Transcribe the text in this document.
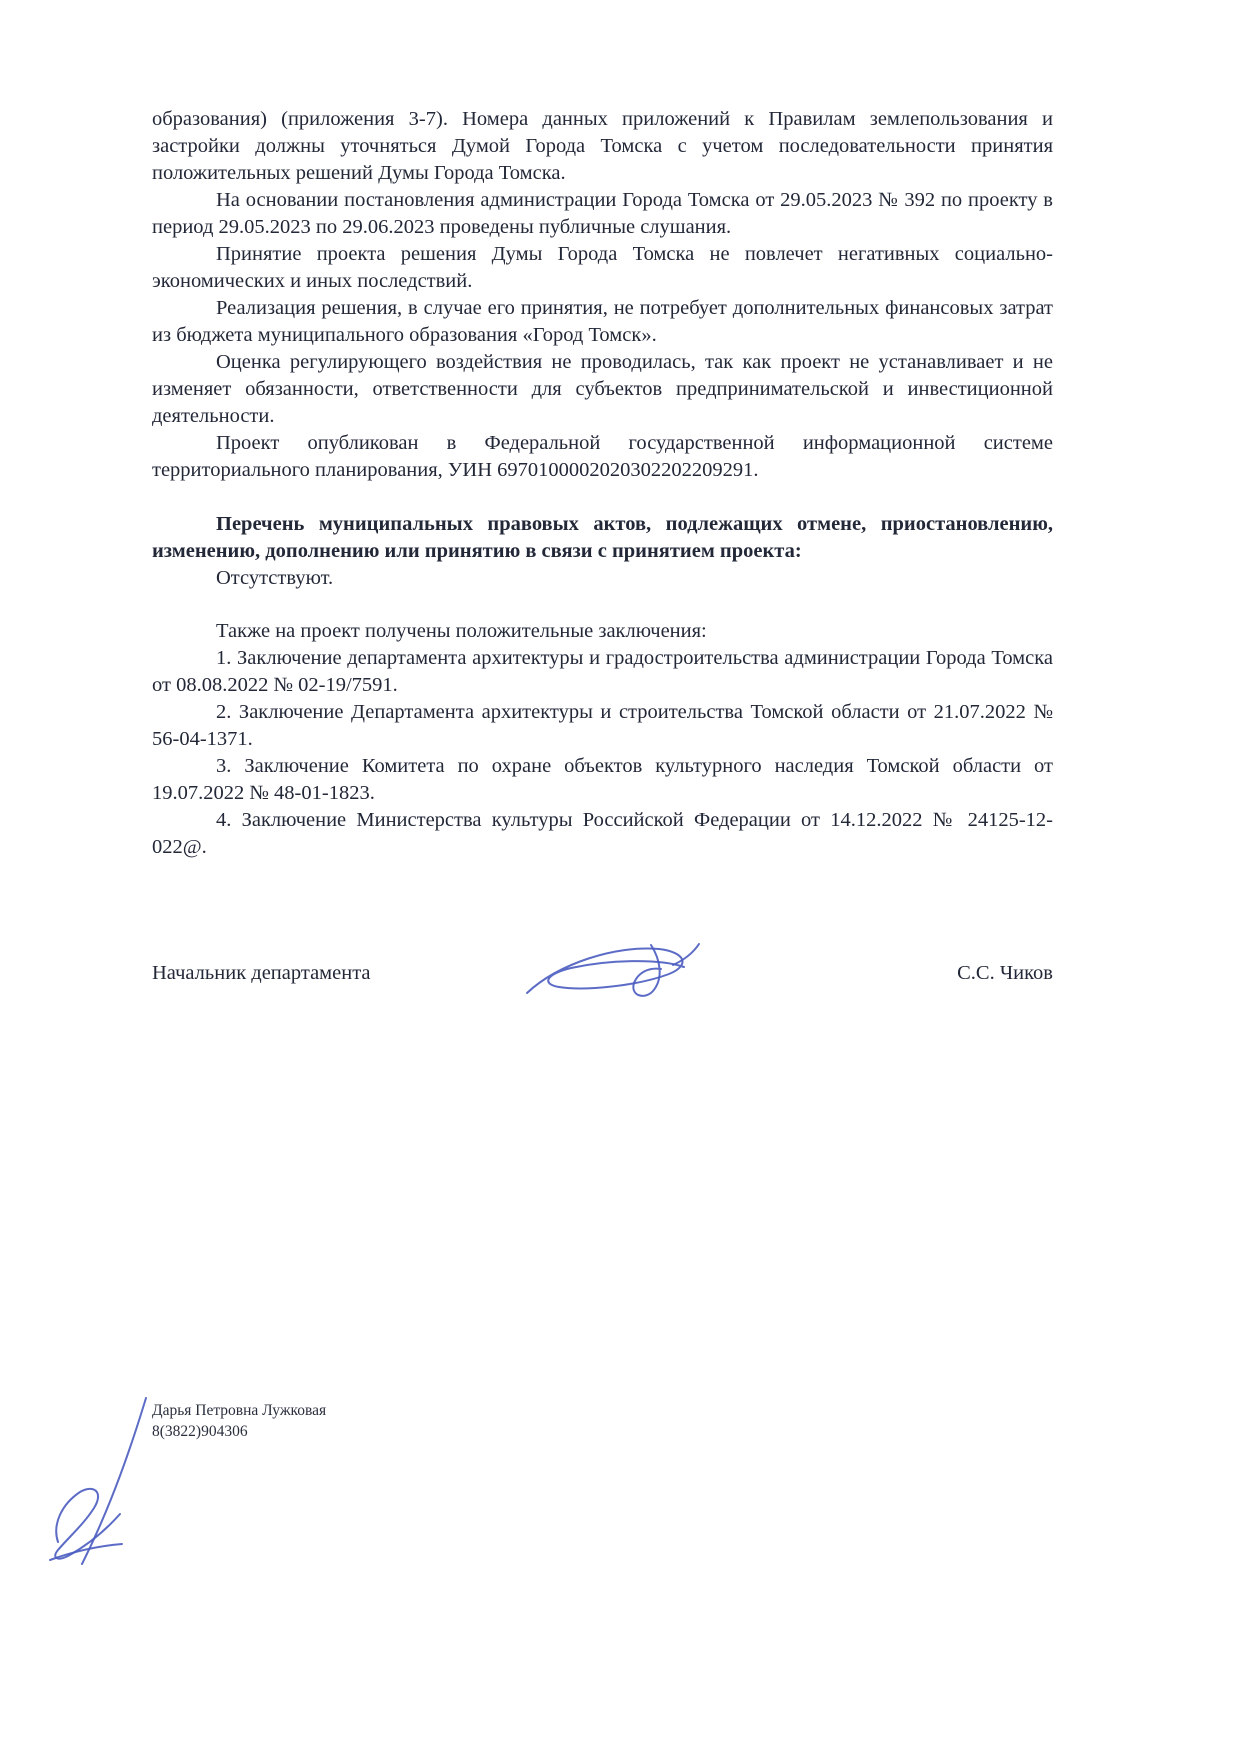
образования) (приложения 3-7). Номера данных приложений к Правилам землепользования и застройки должны уточняться Думой Города Томска с учетом последовательности принятия положительных решений Думы Города Томска.

На основании постановления администрации Города Томска от 29.05.2023 № 392 по проекту в период 29.05.2023 по 29.06.2023 проведены публичные слушания.

Принятие проекта решения Думы Города Томска не повлечет негативных социально-экономических и иных последствий.

Реализация решения, в случае его принятия, не потребует дополнительных финансовых затрат из бюджета муниципального образования «Город Томск».

Оценка регулирующего воздействия не проводилась, так как проект не устанавливает и не изменяет обязанности, ответственности для субъектов предпринимательской и инвестиционной деятельности.

Проект опубликован в Федеральной государственной информационной системе территориального планирования, УИН 6970100002020302202209291.

Перечень муниципальных правовых актов, подлежащих отмене, приостановлению, изменению, дополнению или принятию в связи с принятием проекта:

Отсутствуют.

Также на проект получены положительные заключения:

1. Заключение департамента архитектуры и градостроительства администрации Города Томска от 08.08.2022 № 02-19/7591.

2. Заключение Департамента архитектуры и строительства Томской области от 21.07.2022 № 56-04-1371.

3. Заключение Комитета по охране объектов культурного наследия Томской области от 19.07.2022 № 48-01-1823.

4. Заключение Министерства культуры Российской Федерации от 14.12.2022 № 24125-12-022@.

Начальник департамента	С.С. Чиков
Дарья Петровна Лужковая
8(3822)904306
